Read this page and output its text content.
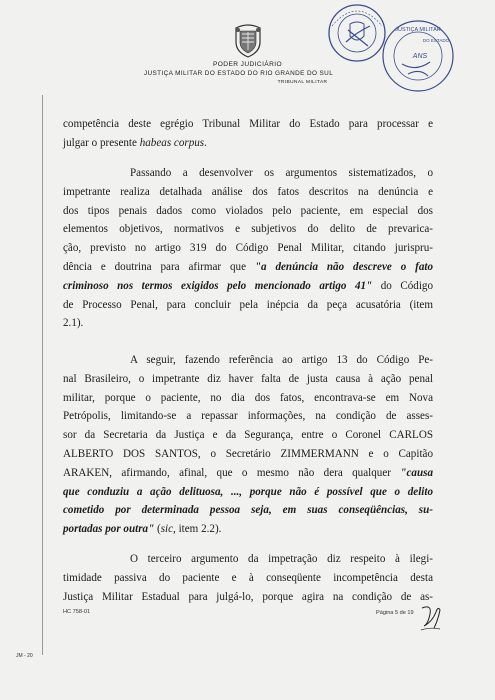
PODER JUDICIÁRIO
JUSTIÇA MILITAR DO ESTADO DO RIO GRANDE DO SUL
TRIBUNAL MILITAR
JUSTIÇA MILITAR
DO ESTADO
ANS
competência deste egrégio Tribunal Militar do Estado para processar e
julgar o presente habeas corpus.
Passando a desenvolver os argumentos sistematizados, o
impetrante realiza detalhada análise dos fatos descritos na denúncia e
dos tipos penais dados como violados pelo paciente, em especial dos
elementos objetivos, normativos e subjetivos do delito de prevarica-
ção, previsto no artigo 319 do Código Penal Militar, citando jurispru-
dência e doutrina para afirmar que "a denúncia não descreve o fato
criminoso nos termos exigidos pelo mencionado artigo 41" do Código
de Processo Penal, para concluir pela inépcia da peça acusatória (item
2.1).
A seguir, fazendo referência ao artigo 13 do Código Pe-
nal Brasileiro, o impetrante diz haver falta de justa causa à ação penal
militar, porque o paciente, no dia dos fatos, encontrava-se em Nova
Petrópolis, limitando-se a repassar informações, na condição de asses-
sor da Secretaria da Justiça e da Segurança, entre o Coronel CARLOS
ALBERTO DOS SANTOS, o Secretário ZIMMERMANN e o Capitão
ARAKEN, afirmando, afinal, que o mesmo não dera qualquer "causa
que conduziu a ação delituosa, ..., porque não é possível que o delito
cometido por determinada pessoa seja, em suas conseqüências, su-
portadas por outra" (sic, item 2.2).
O terceiro argumento da impetração diz respeito à ilegi-
timidade passiva do paciente e à conseqüente incompetência desta
Justiça Militar Estadual para julgá-lo, porque agira na condição de as-
HC 758-01	Página 5 de 19
JM - 20
